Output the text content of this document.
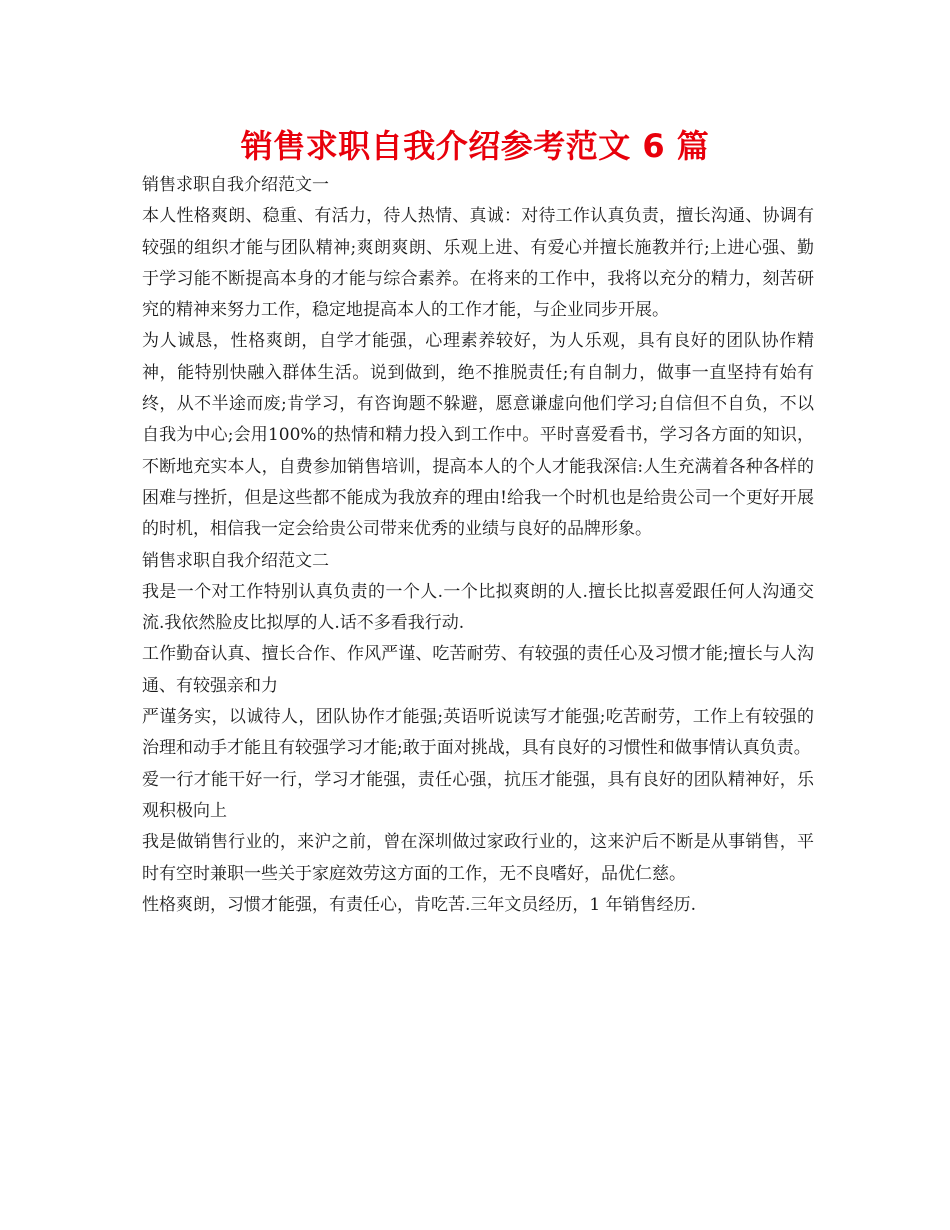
销售求职自我介绍参考范文 6 篇

销售求职自我介绍范文一

本人性格爽朗、稳重、有活力，待人热情、真诚：对待工作认真负责，擅长沟通、协调有较强的组织才能与团队精神;爽朗爽朗、乐观上进、有爱心并擅长施教并行;上进心强、勤于学习能不断提高本身的才能与综合素养。在将来的工作中，我将以充分的精力，刻苦研究的精神来努力工作，稳定地提高本人的工作才能，与企业同步开展。

为人诚恳，性格爽朗，自学才能强，心理素养较好，为人乐观，具有良好的团队协作精神，能特别快融入群体生活。说到做到，绝不推脱责任;有自制力，做事一直坚持有始有终，从不半途而废;肯学习，有咨询题不躲避，愿意谦虚向他们学习;自信但不自负，不以自我为中心;会用100%的热情和精力投入到工作中。平时喜爱看书，学习各方面的知识，不断地充实本人，自费参加销售培训，提高本人的个人才能我深信:人生充满着各种各样的困难与挫折，但是这些都不能成为我放弃的理由!给我一个时机也是给贵公司一个更好开展的时机，相信我一定会给贵公司带来优秀的业绩与良好的品牌形象。

销售求职自我介绍范文二

我是一个对工作特别认真负责的一个人.一个比拟爽朗的人.擅长比拟喜爱跟任何人沟通交流.我依然脸皮比拟厚的人.话不多看我行动.

工作勤奋认真、擅长合作、作风严谨、吃苦耐劳、有较强的责任心及习惯才能;擅长与人沟通、有较强亲和力

严谨务实，以诚待人，团队协作才能强;英语听说读写才能强;吃苦耐劳，工作上有较强的治理和动手才能且有较强学习才能;敢于面对挑战，具有良好的习惯性和做事情认真负责。

爱一行才能干好一行，学习才能强，责任心强，抗压才能强，具有良好的团队精神好，乐观积极向上

我是做销售行业的，来沪之前，曾在深圳做过家政行业的，这来沪后不断是从事销售，平时有空时兼职一些关于家庭效劳这方面的工作，无不良嗜好，品优仁慈。

性格爽朗，习惯才能强，有责任心，肯吃苦.三年文员经历，1 年销售经历.
